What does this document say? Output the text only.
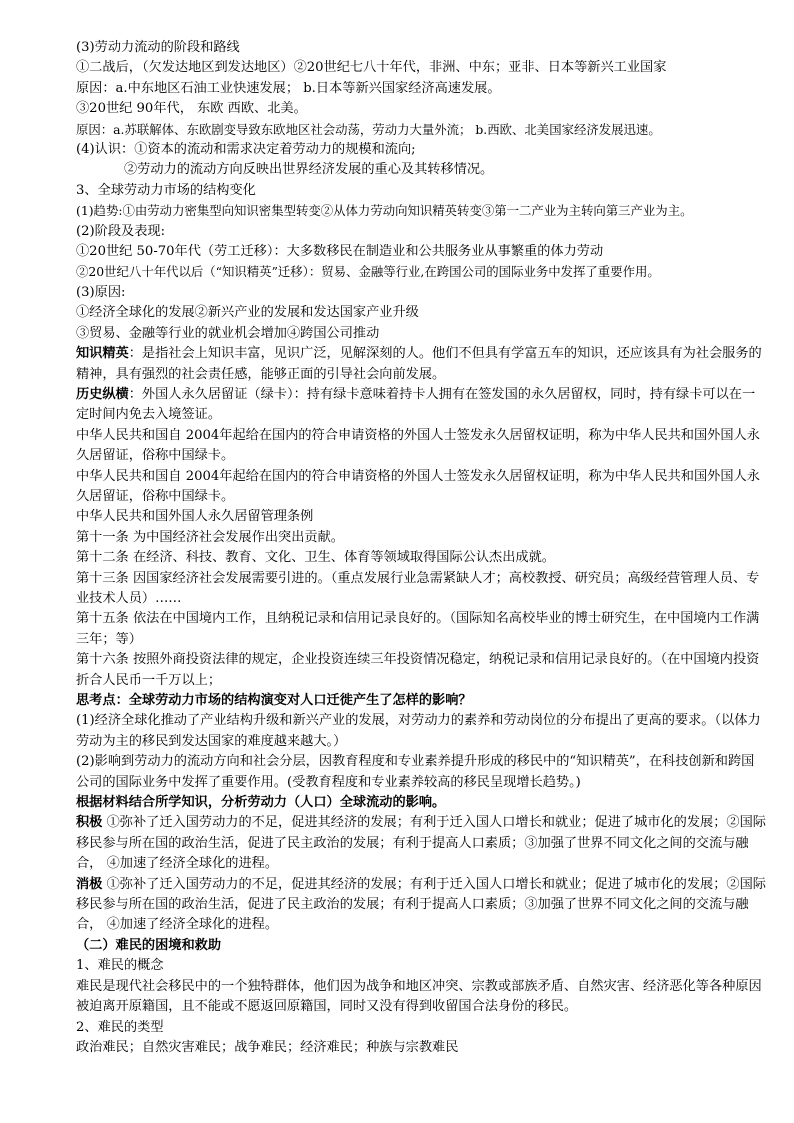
(3)劳动力流动的阶段和路线
①二战后，（欠发达地区到发达地区）②20世纪七八十年代，非洲、中东；亚非、日本等新兴工业国家
原因：a.中东地区石油工业快速发展； b.日本等新兴国家经济高速发展。
③20世纪 90年代， 东欧 西欧、北美。
原因：a.苏联解体、东欧剧变导致东欧地区社会动荡，劳动力大量外流； b.西欧、北美国家经济发展迅速。
(4)认识：①资本的流动和需求决定着劳动力的规模和流向;
②劳动力的流动方向反映出世界经济发展的重心及其转移情况。
3、全球劳动力市场的结构变化
(1)趋势:①由劳动力密集型向知识密集型转变②从体力劳动向知识精英转变③第一二产业为主转向第三产业为主。
(2)阶段及表现:
①20世纪 50-70年代（劳工迁移）：大多数移民在制造业和公共服务业从事繁重的体力劳动
②20世纪八十年代以后（“知识精英”迁移）：贸易、金融等行业,在跨国公司的国际业务中发挥了重要作用。
(3)原因:
①经济全球化的发展②新兴产业的发展和发达国家产业升级
③贸易、金融等行业的就业机会增加④跨国公司推动
知识精英：是指社会上知识丰富，见识广泛，见解深刻的人。他们不但具有学富五车的知识，还应该具有为社会服务的精神，具有强烈的社会责任感，能够正面的引导社会向前发展。
历史纵横：外国人永久居留证（绿卡）：持有绿卡意味着持卡人拥有在签发国的永久居留权，同时，持有绿卡可以在一定时间内免去入境签证。
中华人民共和国自 2004年起给在国内的符合申请资格的外国人士签发永久居留权证明，称为中华人民共和国外国人永久居留证，俗称中国绿卡。
中华人民共和国自 2004年起给在国内的符合申请资格的外国人士签发永久居留权证明，称为中华人民共和国外国人永久居留证，俗称中国绿卡。
中华人民共和国外国人永久居留管理条例
第十一条 为中国经济社会发展作出突出贡献。
第十二条 在经济、科技、教育、文化、卫生、体育等领域取得国际公认杰出成就。
第十三条 因国家经济社会发展需要引进的。（重点发展行业急需紧缺人才；高校教授、研究员；高级经营管理人员、专业技术人员）……
第十五条 依法在中国境内工作，且纳税记录和信用记录良好的。（国际知名高校毕业的博士研究生，在中国境内工作满三年；等）
第十六条 按照外商投资法律的规定，企业投资连续三年投资情况稳定，纳税记录和信用记录良好的。（在中国境内投资折合人民币一千万以上；
思考点：全球劳动力市场的结构演变对人口迁徙产生了怎样的影响？
(1)经济全球化推动了产业结构升级和新兴产业的发展，对劳动力的素养和劳动岗位的分布提出了更高的要求。（以体力劳动为主的移民到发达国家的难度越来越大。）
(2)影响到劳动力的流动方向和社会分层，因教育程度和专业素养提升形成的移民中的“知识精英”，在科技创新和跨国公司的国际业务中发挥了重要作用。(受教育程度和专业素养较高的移民呈现增长趋势。)
根据材料结合所学知识，分析劳动力（人口）全球流动的影响。
积极 ①弥补了迁入国劳动力的不足，促进其经济的发展；有利于迁入国人口增长和就业；促进了城市化的发展；②国际移民参与所在国的政治生活，促进了民主政治的发展；有利于提高人口素质；③加强了世界不同文化之间的交流与融合， ④加速了经济全球化的进程。
消极 ①弥补了迁入国劳动力的不足，促进其经济的发展；有利于迁入国人口增长和就业；促进了城市化的发展；②国际移民参与所在国的政治生活，促进了民主政治的发展；有利于提高人口素质；③加强了世界不同文化之间的交流与融合， ④加速了经济全球化的进程。
（二）难民的困境和救助
1、难民的概念
难民是现代社会移民中的一个独特群体，他们因为战争和地区冲突、宗教或部族矛盾、自然灾害、经济恶化等各种原因被迫离开原籍国，且不能或不愿返回原籍国，同时又没有得到收留国合法身份的移民。
2、难民的类型
政治难民；自然灾害难民；战争难民；经济难民；种族与宗教难民
